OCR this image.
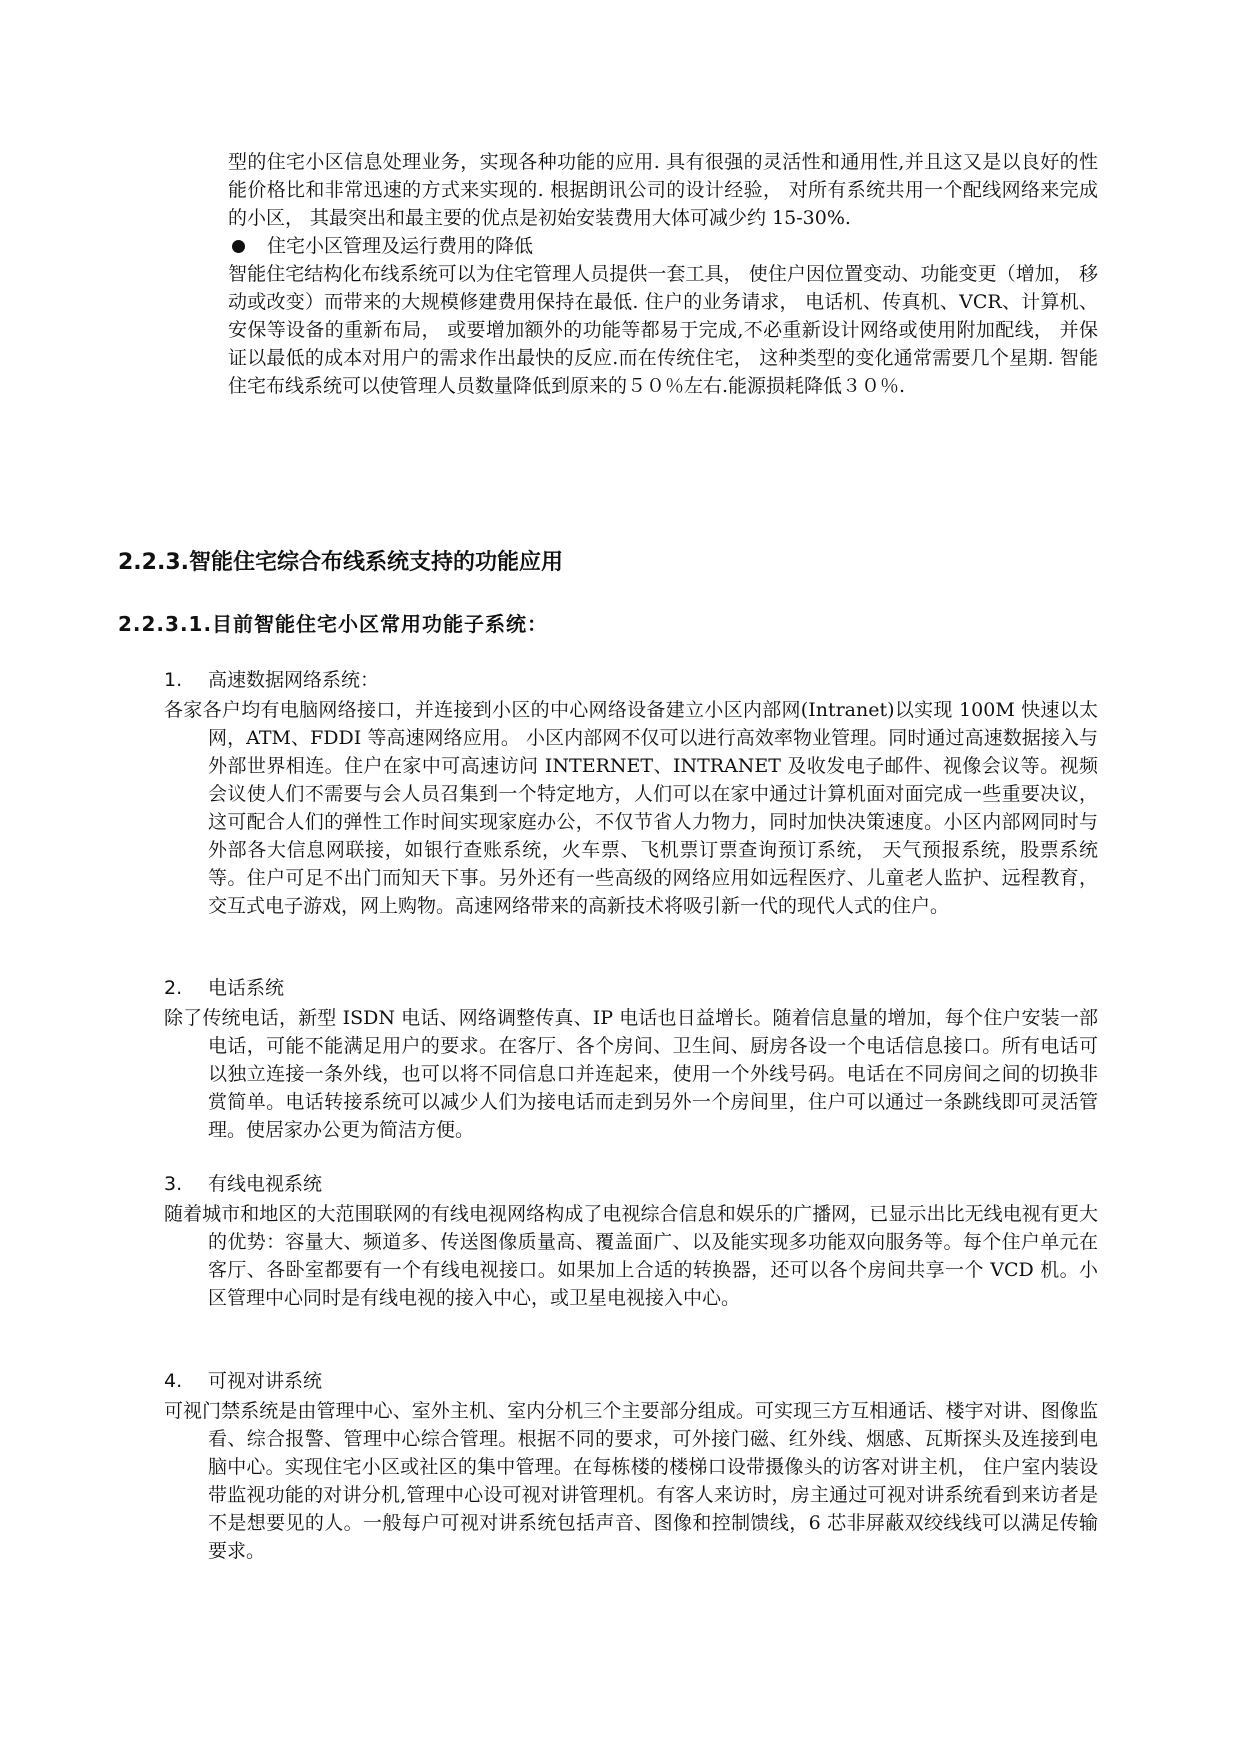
型的住宅小区信息处理业务，实现各种功能的应用. 具有很强的灵活性和通用性,并且这又是以良好的性能价格比和非常迅速的方式来实现的. 根据朗讯公司的设计经验， 对所有系统共用一个配线网络来完成的小区， 其最突出和最主要的优点是初始安装费用大体可减少约 15-30%.

住宅小区管理及运行费用的降低

智能住宅结构化布线系统可以为住宅管理人员提供一套工具， 使住户因位置变动、功能变更（增加， 移动或改变）而带来的大规模修建费用保持在最低. 住户的业务请求， 电话机、传真机、VCR、计算机、安保等设备的重新布局， 或要增加额外的功能等都易于完成,不必重新设计网络或使用附加配线， 并保证以最低的成本对用户的需求作出最快的反应.而在传统住宅， 这种类型的变化通常需要几个星期. 智能住宅布线系统可以使管理人员数量降低到原来的５０％左右.能源损耗降低３０％.

2.2.3.智能住宅综合布线系统支持的功能应用
2.2.3.1.目前智能住宅小区常用功能子系统：

1. 高速数据网络系统：

各家各户均有电脑网络接口，并连接到小区的中心网络设备建立小区内部网(Intranet)以实现 100M 快速以太网，ATM、FDDI 等高速网络应用。 小区内部网不仅可以进行高效率物业管理。同时通过高速数据接入与外部世界相连。住户在家中可高速访问 INTERNET、INTRANET 及收发电子邮件、视像会议等。视频会议使人们不需要与会人员召集到一个特定地方，人们可以在家中通过计算机面对面完成一些重要决议，这可配合人们的弹性工作时间实现家庭办公，不仅节省人力物力，同时加快决策速度。小区内部网同时与外部各大信息网联接，如银行查账系统，火车票、飞机票订票查询预订系统， 天气预报系统，股票系统等。住户可足不出门而知天下事。另外还有一些高级的网络应用如远程医疗、儿童老人监护、远程教育，交互式电子游戏，网上购物。高速网络带来的高新技术将吸引新一代的现代人式的住户。

2. 电话系统

除了传统电话，新型 ISDN 电话、网络调整传真、IP 电话也日益增长。随着信息量的增加，每个住户安装一部电话，可能不能满足用户的要求。在客厅、各个房间、卫生间、厨房各设一个电话信息接口。所有电话可以独立连接一条外线，也可以将不同信息口并连起来，使用一个外线号码。电话在不同房间之间的切换非赏简单。电话转接系统可以减少人们为接电话而走到另外一个房间里，住户可以通过一条跳线即可灵活管理。使居家办公更为简洁方便。

3. 有线电视系统

随着城市和地区的大范围联网的有线电视网络构成了电视综合信息和娱乐的广播网，已显示出比无线电视有更大的优势：容量大、频道多、传送图像质量高、覆盖面广、以及能实现多功能双向服务等。每个住户单元在客厅、各卧室都要有一个有线电视接口。如果加上合适的转换器，还可以各个房间共享一个 VCD 机。小区管理中心同时是有线电视的接入中心，或卫星电视接入中心。

4. 可视对讲系统

可视门禁系统是由管理中心、室外主机、室内分机三个主要部分组成。可实现三方互相通话、楼宇对讲、图像监看、综合报警、管理中心综合管理。根据不同的要求，可外接门磁、红外线、烟感、瓦斯探头及连接到电脑中心。实现住宅小区或社区的集中管理。在每栋楼的楼梯口设带摄像头的访客对讲主机， 住户室内装设带监视功能的对讲分机,管理中心设可视对讲管理机。有客人来访时，房主通过可视对讲系统看到来访者是不是想要见的人。一般每户可视对讲系统包括声音、图像和控制馈线，6 芯非屏蔽双绞线线可以满足传输要求。
